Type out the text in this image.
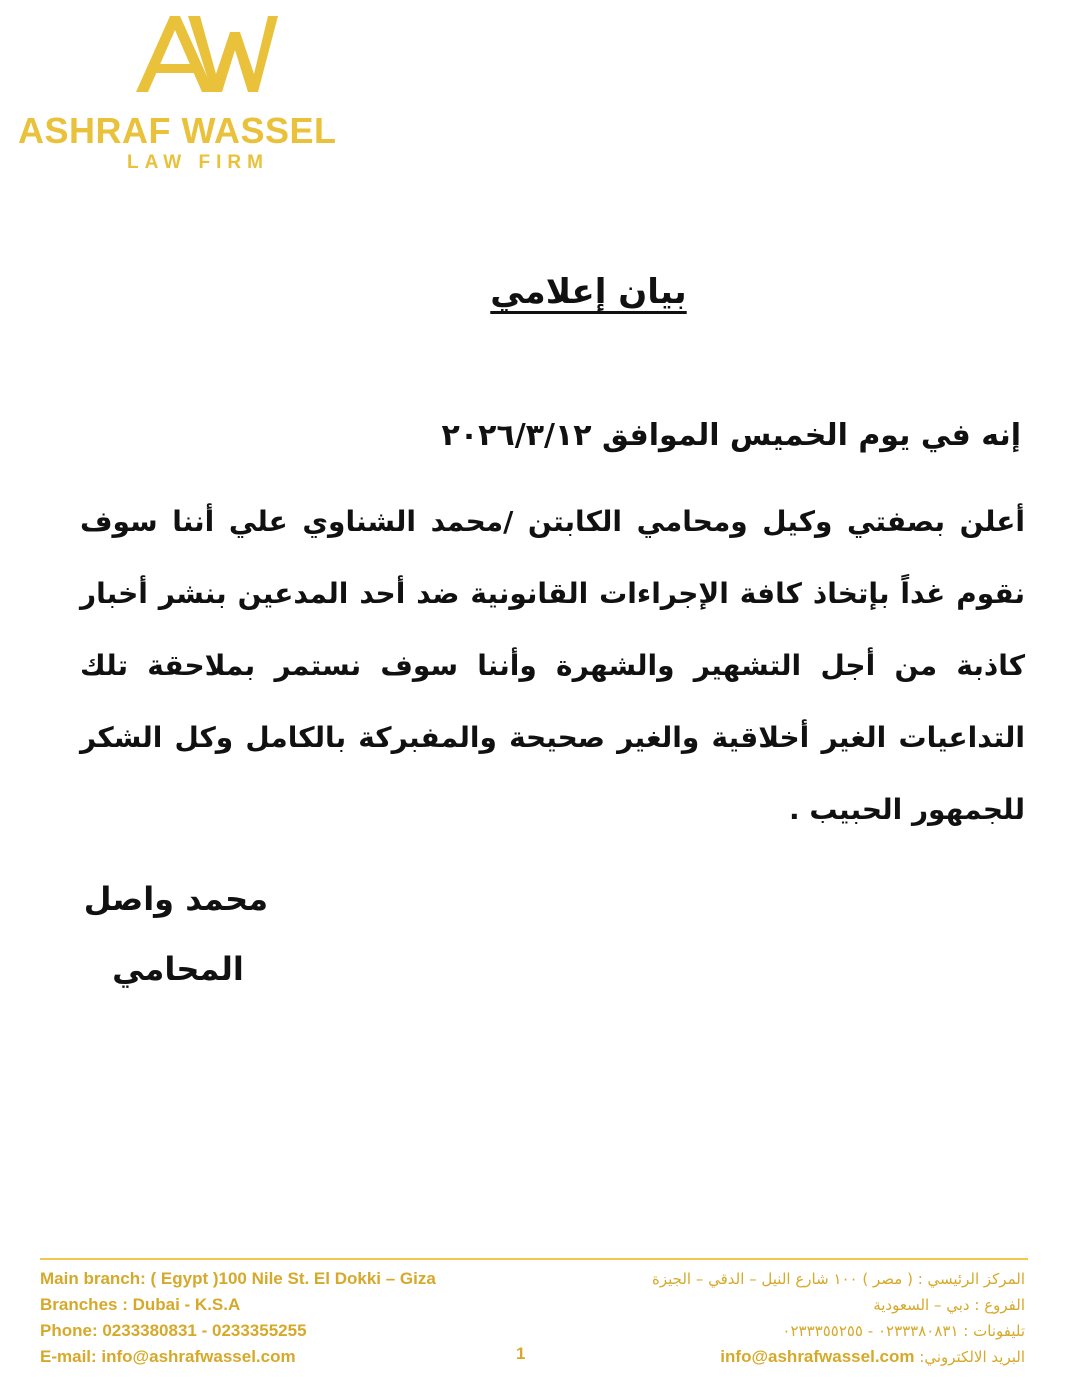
ASHRAF WASSEL
LAW FIRM
بيان إعلامي
إنه في يوم الخميس الموافق ٢٠٢٦/٣/١٢
أعلن بصفتي وكيل ومحامي الكابتن /محمد الشناوي علي أننا سوف نقوم غداً بإتخاذ كافة الإجراءات القانونية ضد أحد المدعين بنشر أخبار كاذبة من أجل التشهير والشهرة وأننا سوف نستمر بملاحقة تلك التداعيات الغير أخلاقية والغير صحيحة والمفبركة بالكامل وكل الشكر للجمهور الحبيب .
محمد واصل
المحامي
Main branch: ( Egypt )100 Nile St. El Dokki – Giza
Branches : Dubai - K.S.A
Phone: 0233380831 - 0233355255
E-mail: info@ashrafwassel.com
المركز الرئيسي : ( مصر ) ١٠٠ شارع النيل – الدقي – الجيزة
الفروع : دبي – السعودية
تليفونات : ٠٢٣٣٣٨٠٨٣١ - ٠٢٣٣٣٥٥٢٥٥
البريد الالكتروني: info@ashrafwassel.com
1
